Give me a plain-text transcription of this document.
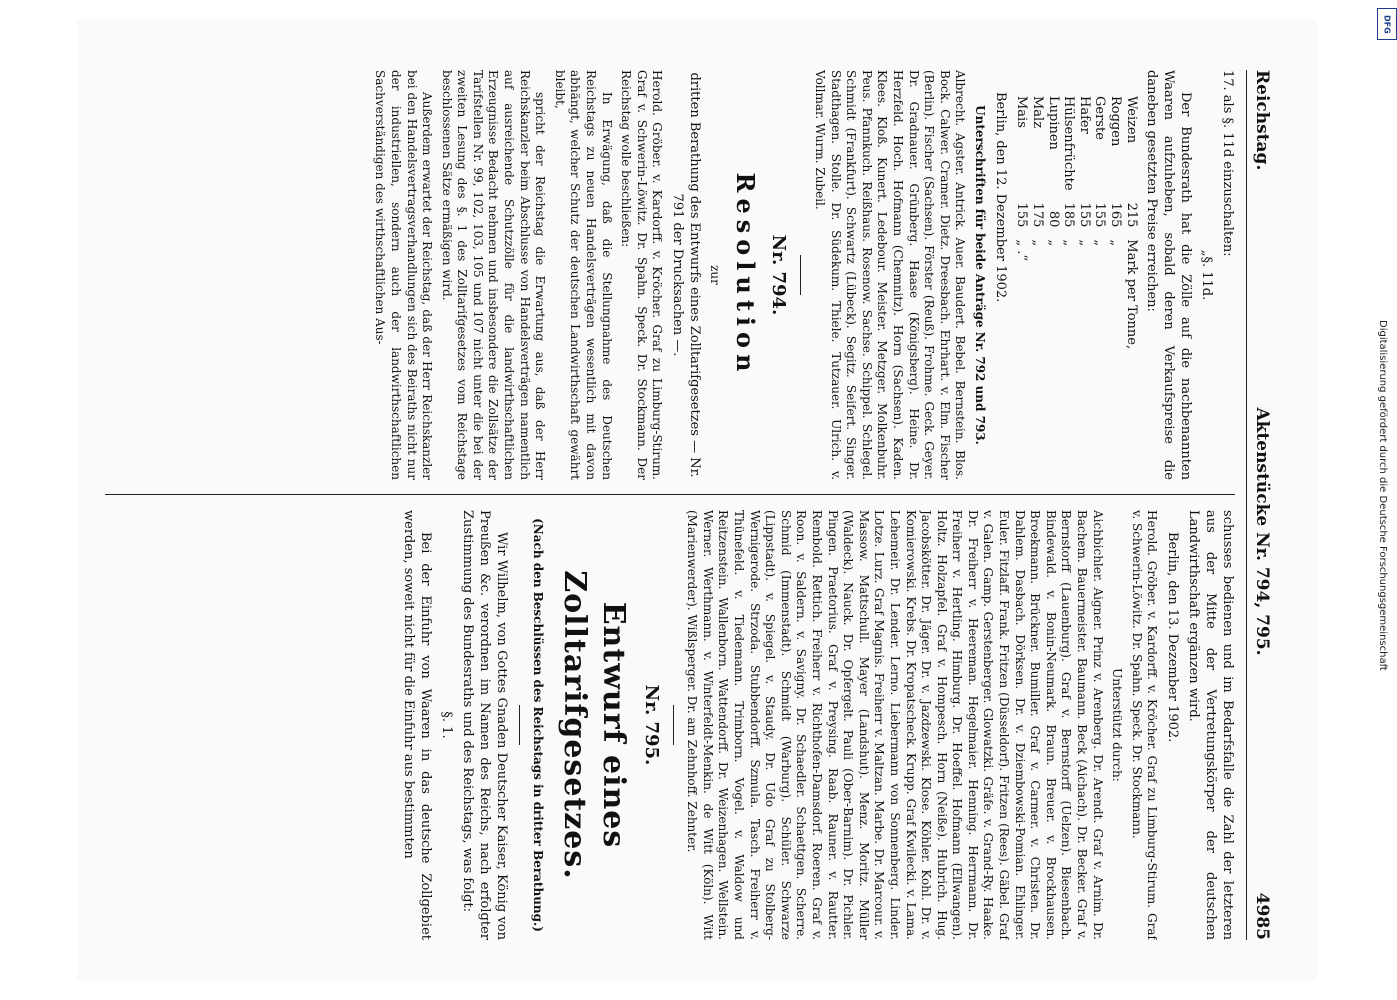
Reichstag.
Aktenstücke Nr. 794, 795.
4985

17. als §. 11d einzuschalten:

„§. 11d.

Der Bundesrath hat die Zölle auf die nachbenannten Waaren aufzuheben, sobald deren Verkaufspreise die daneben gesetzten Preise erreichen:

Weizen	215	Mark per Tonne,
Roggen	165	„
Gerste	155	„
Hafer	155	„
Hülsenfrüchte	185	„
Lupinen	80	„
Malz	175	„
Mais	155	„ .“

Berlin, den 12. Dezember 1902.

Unterschriften für beide Anträge Nr. 792 und 793.

Albrecht. Agster. Antrick. Auer. Baudert. Bebel. Bernstein. Blos. Bock. Calwer. Cramer. Dietz. Dreesbach. Ehrhart. v. Elm. Fischer (Berlin). Fischer (Sachsen). Förster (Reuß). Frohme. Geck. Geyer. Dr. Gradnauer. Grünberg. Haase (Königsberg). Heine. Dr. Herzfeld. Hoch. Hofmann (Chemnitz). Horn (Sachsen). Kaden. Klees. Kloß. Kunert. Ledebour. Meister. Metzger. Molkenbuhr. Peus. Pfannkuch. Reißhaus. Rosenow. Sachse. Schippel. Schlegel. Schmidt (Frankfurt). Schwartz (Lübeck). Segitz. Seifert. Singer. Stadthagen. Stolle. Dr. Südekum. Thiele. Tutzauer. Ulrich. v. Vollmar. Wurm. Zubeil.

Nr. 794.

Resolution

zur

dritten Berathung des Entwurfs eines Zolltarifgesetzes — Nr. 791 der Drucksachen —.

Herold. Gröber. v. Kardorff. v. Kröcher. Graf zu Limburg-Stirum. Graf v. Schwerin-Löwitz. Dr. Spahn. Speck. Dr. Stockmann. Der Reichstag wolle beschließen:

In Erwägung, daß die Stellungnahme des Deutschen Reichstags zu neuen Handelsverträgen wesentlich mit davon abhängt, welcher Schutz der deutschen Landwirthschaft gewährt bleibt,

spricht der Reichstag die Erwartung aus, daß der Herr Reichskanzler beim Abschlusse von Handelsverträgen namentlich auf ausreichende Schutzzölle für die landwirthschaftlichen Erzeugnisse Bedacht nehmen und insbesondere die Zollsätze der Tarifstellen Nr. 99, 102, 103, 105 und 107 nicht unter die bei der zweiten Lesung des §. 1 des Zolltarifgesetzes vom Reichstage beschlossenen Sätze ermäßigen wird.

Außerdem erwartet der Reichstag, daß der Herr Reichskanzler bei den Handelsvertragsverhandlungen sich des Beiraths nicht nur der industriellen, sondern auch der landwirthschaftlichen Sachverständigen des wirthschaftlichen Aus-

schusses bedienen und im Bedarfsfalle die Zahl der letzteren aus der Mitte der Vertretungskörper der deutschen Landwirthschaft ergänzen wird.

Berlin, den 13. Dezember 1902.

Herold. Gröber. v. Kardorff. v. Kröcher. Graf zu Limburg-Stirum. Graf v. Schwerin-Löwitz. Dr. Spahn. Speck. Dr. Stockmann.

Unterstützt durch:

Aichbichler. Aigner. Prinz v. Arenberg. Dr. Arendt. Graf v. Arnim. Dr. Bachem. Bauermeister. Baumann. Beck (Aichach). Dr. Becker. Graf v. Bernstorff (Lauenburg). Graf v. Bernstorff (Uelzen). Biesenbach. Bindewald. v. Bonin-Neumark. Braun. Breuer. v. Brockhausen. Broekmann. Brückner. Bumiller. Graf v. Carmer. v. Christen. Dr. Dahlem. Dasbach. Dörksen. Dr. v. Dziembowski-Pomian. Ehlinger. Euler. Fitzlaff. Frank. Fritzen (Düsseldorf). Fritzen (Rees). Gäbel. Graf v. Galen. Gamp. Gerstenberger. Glowatzki. Gräfe. v. Grand-Ry. Haake. Dr. Freiherr v. Heereman. Hegelmaier. Henning. Herrmann. Dr. Freiherr v. Hertling. Himburg. Dr. Hoeffel. Hofmann (Ellwangen). Holtz. Holzapfel. Graf v. Hompesch. Horn (Neiße). Hubrich. Hug. Jacobskötter. Dr. Jäger. Dr. v. Jazdzewski. Klose. Köhler. Kohl. Dr. v. Komierowski. Krebs. Dr. Kropatscheck. Krupp. Graf Kwilecki. v. Lama. Lehemeir. Dr. Lender. Lerno. Liebermann von Sonnenberg. Linder. Lotze. Lurz. Graf Magnis. Freiherr v. Maltzan. Marbe. Dr. Marcour. v. Massow. Mattschull. Mayer (Landshut). Menz. Moritz. Müller (Waldeck). Nauck. Dr. Opfergelt. Pauli (Ober-Barnim). Dr. Pichler. Pingen. Praetorius. Graf v. Preysing. Raab. Rauner. v. Rautter. Rembold. Rettich. Freiherr v. Richthofen-Damsdorf. Roeren. Graf v. Roon. v. Saldern. v. Savigny. Dr. Schaedler. Schaettgen. Scherre. Schmid (Immenstadt). Schmidt (Warburg). Schüler. Schwarze (Lippstadt). v. Spiegel. v. Staudy. Dr. Udo Graf zu Stolberg-Wernigerode. Strzoda. Stubbendorff. Szmula. Tasch. Freiherr v. Thünefeld. v. Tiedemann. Trimborn. Vogel. v. Waldow und Reitzenstein. Wallenborn. Wattendorff. Dr. Weizenhagen. Wellstein. Werner. Werthmann. v. Winterfeldt-Menkin. de Witt (Köln). Witt (Marienwerder). Wißlsperger. Dr. am Zehnhoff. Zehnter.

Nr. 795.

Entwurf eines Zolltarifgesetzes.

(Nach den Beschlüssen des Reichstags in dritter Berathung.)

Wir Wilhelm, von Gottes Gnaden Deutscher Kaiser, König von Preußen &c. verordnen im Namen des Reichs, nach erfolgter Zustimmung des Bundesraths und des Reichstags, was folgt:

§. 1.

Bei der Einfuhr von Waaren in das deutsche Zollgebiet werden, soweit nicht für die Einfuhr aus bestimmten

DFG
Digitalisierung gefördert durch die Deutsche Forschungsgemeinschaft
